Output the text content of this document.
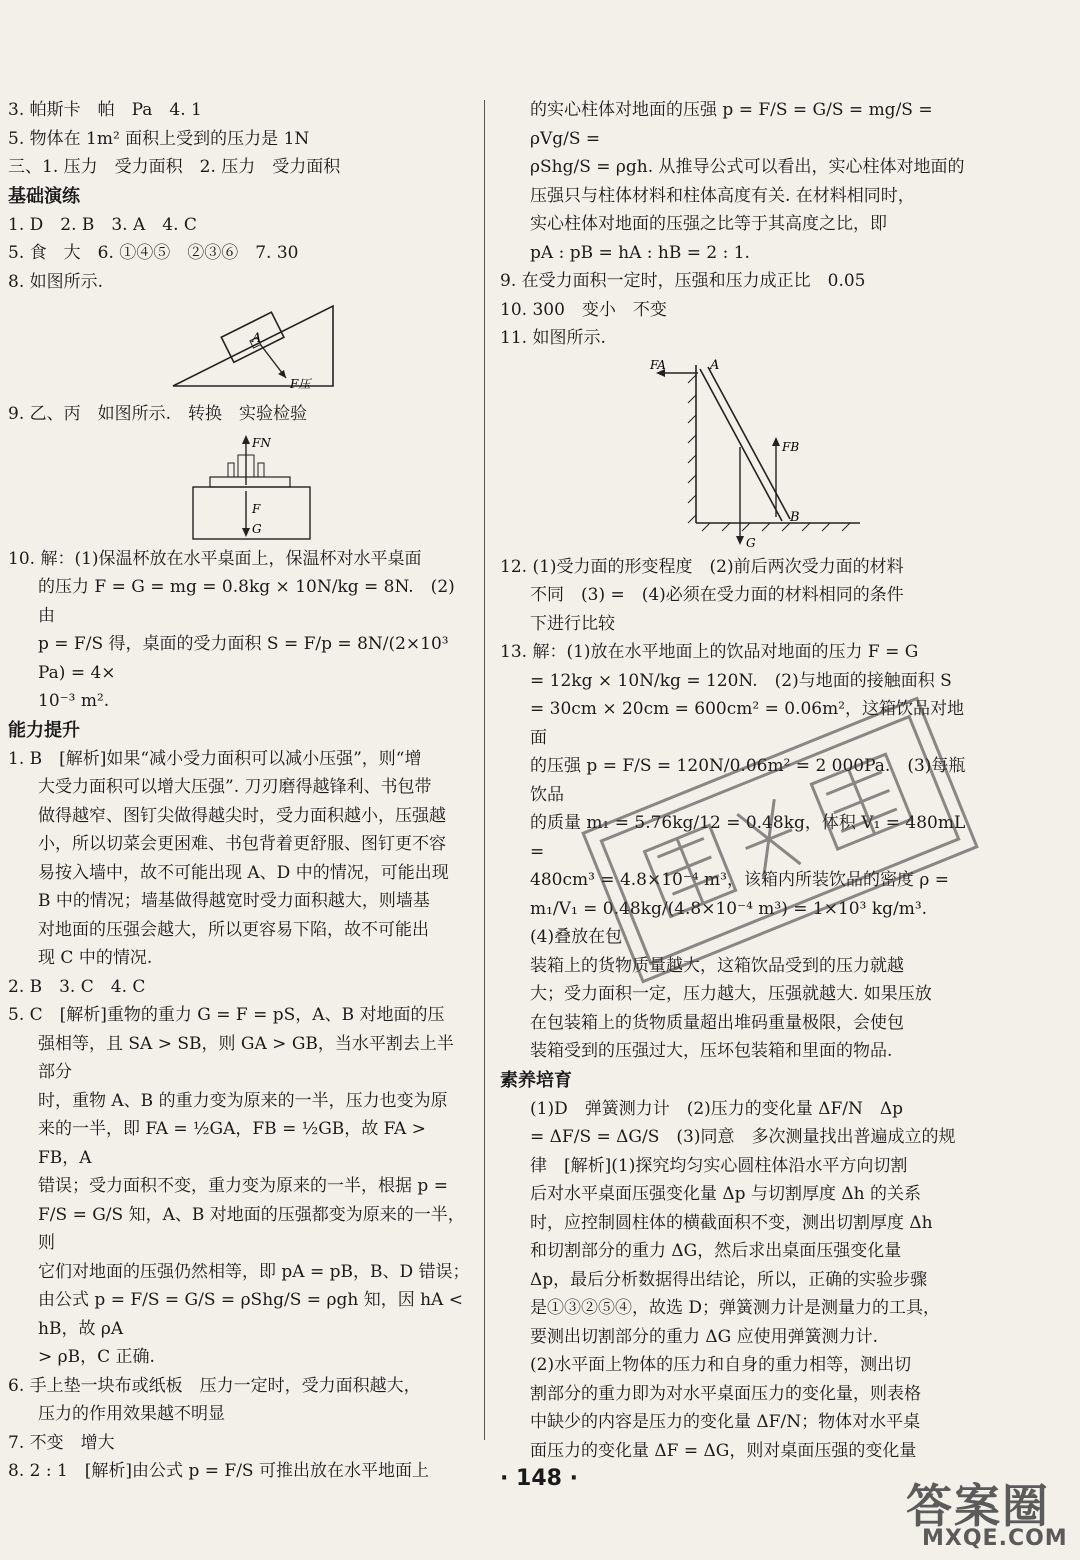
3. 帕斯卡　帕　Pa　4. 1

5. 物体在 1m² 面积上受到的压力是 1N

三、1. 压力　受力面积　2. 压力　受力面积

基础演练

1. D　2. B　3. A　4. C

5. 食　大　6. ①④⑤　②③⑥　7. 30

8. 如图所示.

A
F压

9. 乙、丙　如图所示.　转换　实验检验

FN
F
G

10. 解：(1)保温杯放在水平桌面上，保温杯对水平桌面

的压力 F = G = mg = 0.8kg × 10N/kg = 8N.　(2)由

p = F/S 得，桌面的受力面积 S = F/p = 8N/(2×10³ Pa) = 4×

10⁻³ m².

能力提升

1. B　[解析]如果“减小受力面积可以减小压强”，则“增

大受力面积可以增大压强”. 刀刃磨得越锋利、书包带

做得越窄、图钉尖做得越尖时，受力面积越小，压强越

小，所以切菜会更困难、书包背着更舒服、图钉更不容

易按入墙中，故不可能出现 A、D 中的情况，可能出现

B 中的情况；墙基做得越宽时受力面积越大，则墙基

对地面的压强会越大，所以更容易下陷，故不可能出

现 C 中的情况.

2. B　3. C　4. C

5. C　[解析]重物的重力 G = F = pS，A、B 对地面的压

强相等，且 SA > SB，则 GA > GB，当水平割去上半部分

时，重物 A、B 的重力变为原来的一半，压力也变为原

来的一半，即 FA = ½GA，FB = ½GB，故 FA > FB，A

错误；受力面积不变，重力变为原来的一半，根据 p =

F/S = G/S 知，A、B 对地面的压强都变为原来的一半，则

它们对地面的压强仍然相等，即 pA = pB，B、D 错误；

由公式 p = F/S = G/S = ρShg/S = ρgh 知，因 hA < hB，故 ρA

> ρB，C 正确.

6. 手上垫一块布或纸板　压力一定时，受力面积越大，

压力的作用效果越不明显

7. 不变　增大

8. 2 : 1　[解析]由公式 p = F/S 可推出放在水平地面上

的实心柱体对地面的压强 p = F/S = G/S = mg/S = ρVg/S =

ρShg/S = ρgh. 从推导公式可以看出，实心柱体对地面的

压强只与柱体材料和柱体高度有关. 在材料相同时，

实心柱体对地面的压强之比等于其高度之比，即

pA : pB = hA : hB = 2 : 1.

9. 在受力面积一定时，压强和压力成正比　0.05

10. 300　变小　不变

11. 如图所示.

FA	A
FB
B
G

12. (1)受力面的形变程度　(2)前后两次受力面的材料

不同　(3) =　(4)必须在受力面的材料相同的条件

下进行比较

13. 解：(1)放在水平地面上的饮品对地面的压力 F = G

= 12kg × 10N/kg = 120N.　(2)与地面的接触面积 S

= 30cm × 20cm = 600cm² = 0.06m²，这箱饮品对地面

的压强 p = F/S = 120N/0.06m² = 2 000Pa.　(3)每瓶饮品

的质量 m₁ = 5.76kg/12 = 0.48kg，体积 V₁ = 480mL =

480cm³ = 4.8×10⁻⁴ m³，该箱内所装饮品的密度 ρ =

m₁/V₁ = 0.48kg/(4.8×10⁻⁴ m³) = 1×10³ kg/m³.　(4)叠放在包

装箱上的货物质量越大，这箱饮品受到的压力就越

大；受力面积一定，压力越大，压强就越大. 如果压放

在包装箱上的货物质量超出堆码重量极限，会使包

装箱受到的压强过大，压坏包装箱和里面的物品.

素养培育

(1)D　弹簧测力计　(2)压力的变化量 ΔF/N　Δp

= ΔF/S = ΔG/S　(3)同意　多次测量找出普遍成立的规

律　[解析](1)探究均匀实心圆柱体沿水平方向切割

后对水平桌面压强变化量 Δp 与切割厚度 Δh 的关系

时，应控制圆柱体的横截面积不变，测出切割厚度 Δh

和切割部分的重力 ΔG，然后求出桌面压强变化量

Δp，最后分析数据得出结论，所以，正确的实验步骤

是①③②⑤④，故选 D；弹簧测力计是测量力的工具，

要测出切割部分的重力 ΔG 应使用弹簧测力计.

(2)水平面上物体的压力和自身的重力相等，测出切

割部分的重力即为对水平桌面压力的变化量，则表格

中缺少的内容是压力的变化量 ΔF/N；物体对水平桌

面压力的变化量 ΔF = ΔG，则对桌面压强的变化量

· 148 ·
答案圈
MXQE.COM
